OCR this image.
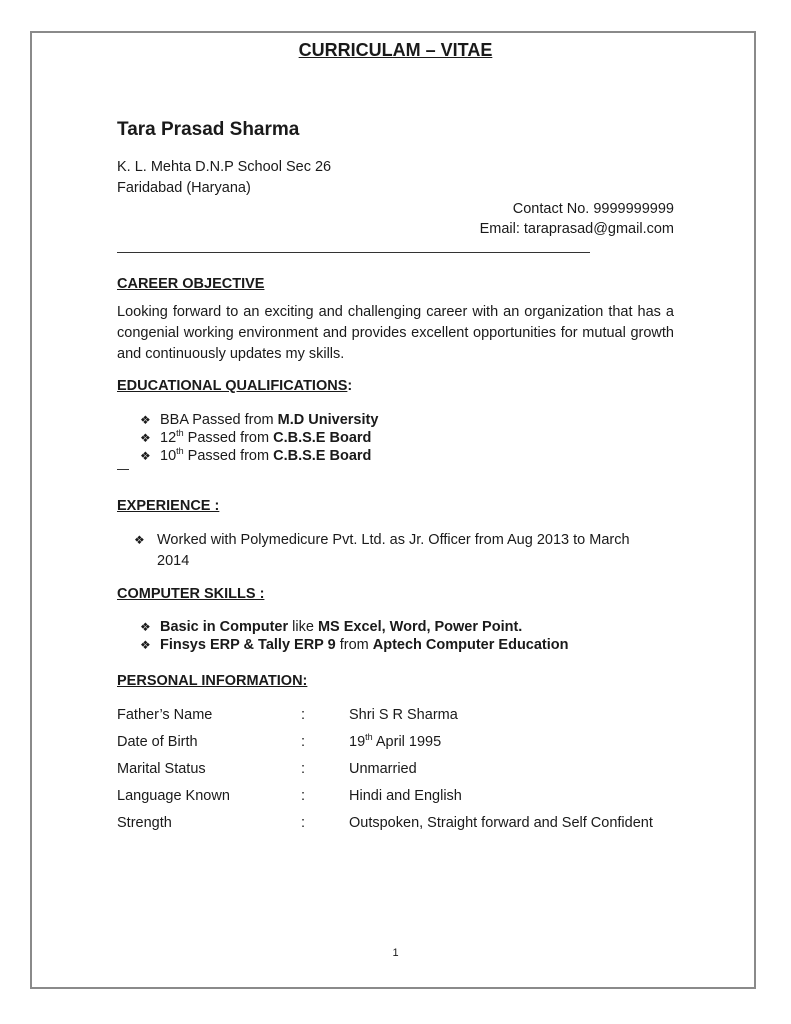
CURRICULAM – VITAE
Tara Prasad Sharma
K. L. Mehta D.N.P School Sec 26
Faridabad (Haryana)
Contact No. 9999999999
Email: taraprasad@gmail.com
CAREER OBJECTIVE
Looking forward to an exciting and challenging career with an organization that has a congenial working environment and provides excellent opportunities for mutual growth and continuously updates my skills.
EDUCATIONAL QUALIFICATIONS:
❖ BBA Passed from M.D University
❖ 12th Passed from C.B.S.E Board
❖ 10th Passed from C.B.S.E Board
EXPERIENCE :
❖ Worked with Polymedicure Pvt. Ltd. as Jr. Officer from Aug 2013 to March
2014
COMPUTER SKILLS :
❖ Basic in Computer like MS Excel, Word, Power Point.
❖ Finsys ERP & Tally ERP 9 from Aptech Computer Education
PERSONAL INFORMATION:
Father’s Name	:	Shri S R Sharma
Date of Birth	:	19th April 1995
Marital Status	:	Unmarried
Language Known	:	Hindi and English
Strength	:	Outspoken, Straight forward and Self Confident
1
